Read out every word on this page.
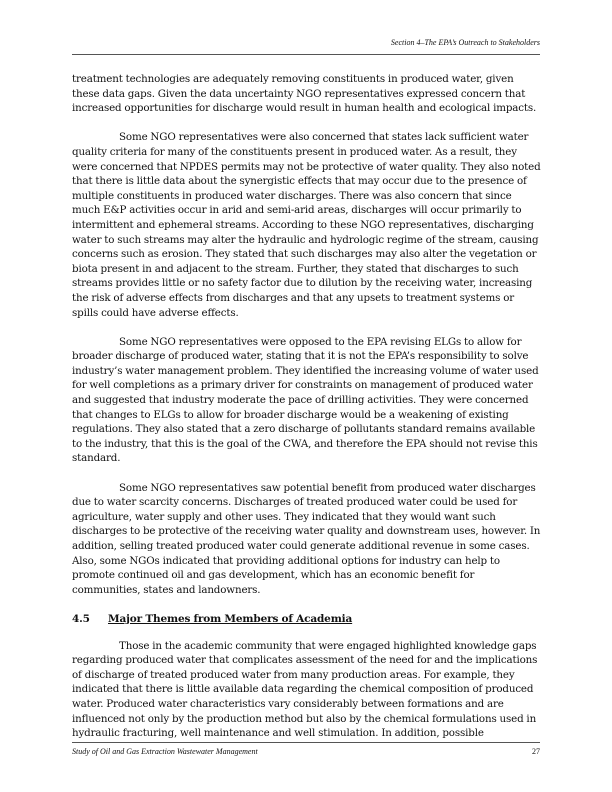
Section 4–The EPA’s Outreach to Stakeholders

treatment technologies are adequately removing constituents in produced water, given these data gaps. Given the data uncertainty NGO representatives expressed concern that increased opportunities for discharge would result in human health and ecological impacts.

Some NGO representatives were also concerned that states lack sufficient water quality criteria for many of the constituents present in produced water. As a result, they were concerned that NPDES permits may not be protective of water quality. They also noted that there is little data about the synergistic effects that may occur due to the presence of multiple constituents in produced water discharges. There was also concern that since much E&P activities occur in arid and semi-arid areas, discharges will occur primarily to intermittent and ephemeral streams. According to these NGO representatives, discharging water to such streams may alter the hydraulic and hydrologic regime of the stream, causing concerns such as erosion. They stated that such discharges may also alter the vegetation or biota present in and adjacent to the stream. Further, they stated that discharges to such streams provides little or no safety factor due to dilution by the receiving water, increasing the risk of adverse effects from discharges and that any upsets to treatment systems or spills could have adverse effects.

Some NGO representatives were opposed to the EPA revising ELGs to allow for broader discharge of produced water, stating that it is not the EPA’s responsibility to solve industry’s water management problem. They identified the increasing volume of water used for well completions as a primary driver for constraints on management of produced water and suggested that industry moderate the pace of drilling activities. They were concerned that changes to ELGs to allow for broader discharge would be a weakening of existing regulations. They also stated that a zero discharge of pollutants standard remains available to the industry, that this is the goal of the CWA, and therefore the EPA should not revise this standard.

Some NGO representatives saw potential benefit from produced water discharges due to water scarcity concerns. Discharges of treated produced water could be used for agriculture, water supply and other uses. They indicated that they would want such discharges to be protective of the receiving water quality and downstream uses, however. In addition, selling treated produced water could generate additional revenue in some cases. Also, some NGOs indicated that providing additional options for industry can help to promote continued oil and gas development, which has an economic benefit for communities, states and landowners.

4.5	Major Themes from Members of Academia

Those in the academic community that were engaged highlighted knowledge gaps regarding produced water that complicates assessment of the need for and the implications of discharge of treated produced water from many production areas. For example, they indicated that there is little available data regarding the chemical composition of produced water. Produced water characteristics vary considerably between formations and are influenced not only by the production method but also by the chemical formulations used in hydraulic fracturing, well maintenance and well stimulation. In addition, possible

Study of Oil and Gas Extraction Wastewater Management	27
